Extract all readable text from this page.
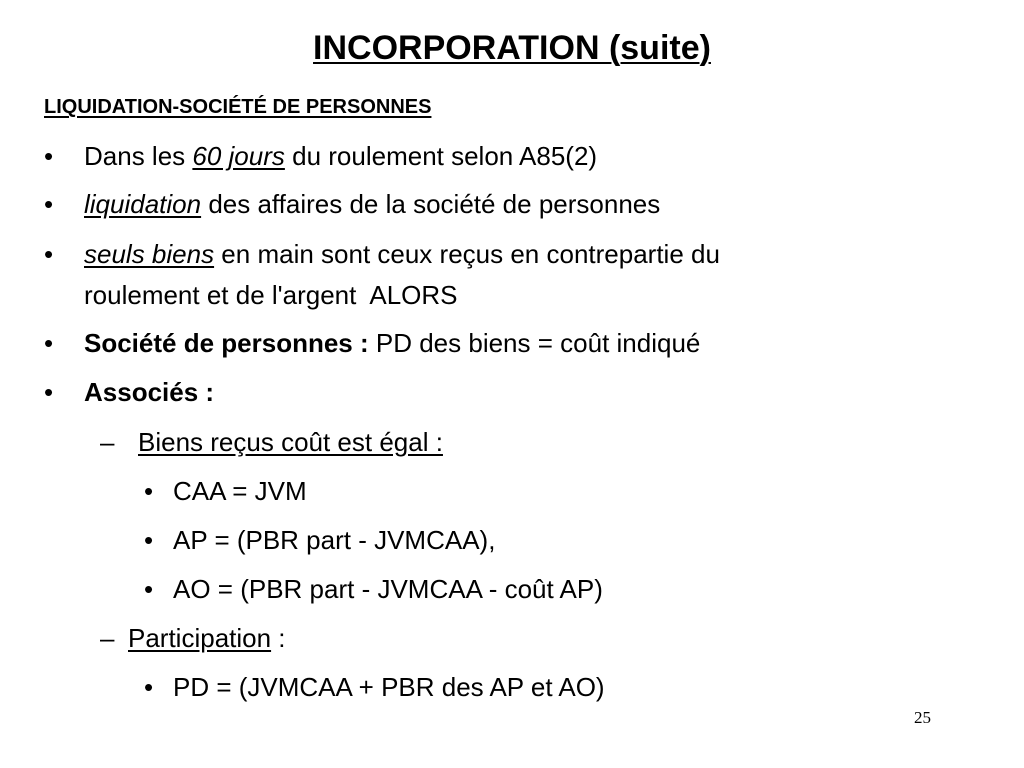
INCORPORATION (suite)
LIQUIDATION-SOCIÉTÉ DE PERSONNES
• Dans les 60 jours du roulement selon A85(2)
• liquidation des affaires de la société de personnes
• seuls biens en main sont ceux reçus en contrepartie du
roulement et de l'argent  ALORS
• Société de personnes : PD des biens = coût indiqué
• Associés :
– Biens reçus coût est égal :
• CAA = JVM
• AP = (PBR part - JVMCAA),
• AO = (PBR part - JVMCAA - coût AP)
– Participation :
• PD = (JVMCAA + PBR des AP et AO)
25
